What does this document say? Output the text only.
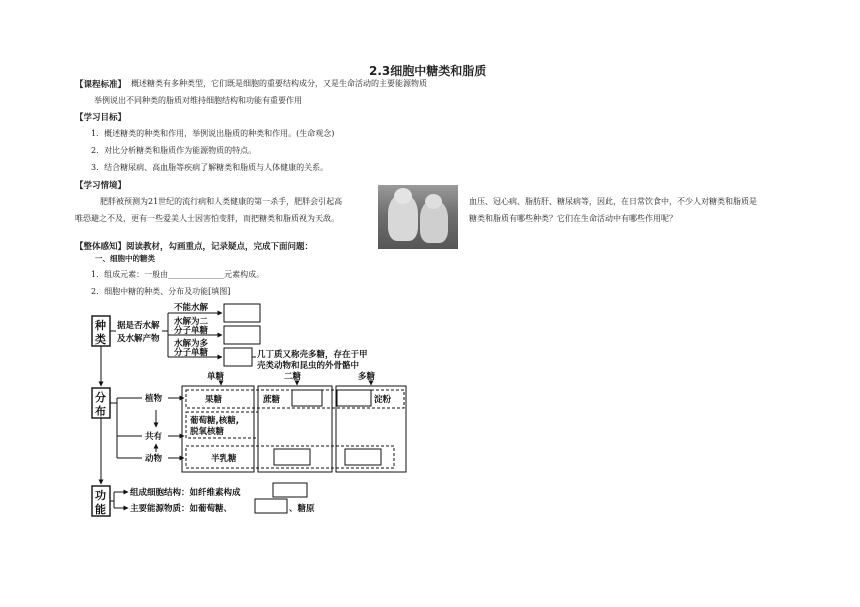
2.3细胞中糖类和脂质
【课程标准】 概述糖类有多种类型，它们既是细胞的重要结构成分，又是生命活动的主要能源物质
举例说出不同种类的脂质对维持细胞结构和功能有重要作用
【学习目标】
1．概述糖类的种类和作用，举例说出脂质的种类和作用。(生命观念)
2．对比分析糖类和脂质作为能源物质的特点。
3．结合糖尿病、高血脂等疾病了解糖类和脂质与人体健康的关系。
【学习情境】
肥胖被预测为21世纪的流行病和人类健康的第一杀手，肥胖会引起高
唯恐避之不及，更有一些爱美人士因害怕变胖，而把糖类和脂质视为天敌。
血压、冠心病、脂肪肝、糖尿病等，因此，在日常饮食中，不少人对糖类和脂质是
糖类和脂质有哪些种类？它们在生命活动中有哪些作用呢？
【整体感知】阅读教材，勾画重点，记录疑点，完成下面问题：
一、细胞中的糖类
1．组成元素：一般由______________元素构成。
2．细胞中糖的种类、分布及功能[填图]
种
类
分
布
功
能
据是否水解
及水解产物
不能水解
水解为二
分子单糖
水解为多
分子单糖	几丁质又称壳多糖，存在于甲
壳类动物和昆虫的外骨骼中
单糖	二糖	多糖
植物
共有
动物
果糖	蔗糖	淀粉
葡萄糖,核糖,
脱氧核糖
半乳糖
组成细胞结构：如纤维素构成
主要能源物质：如葡萄糖、	、糖原
